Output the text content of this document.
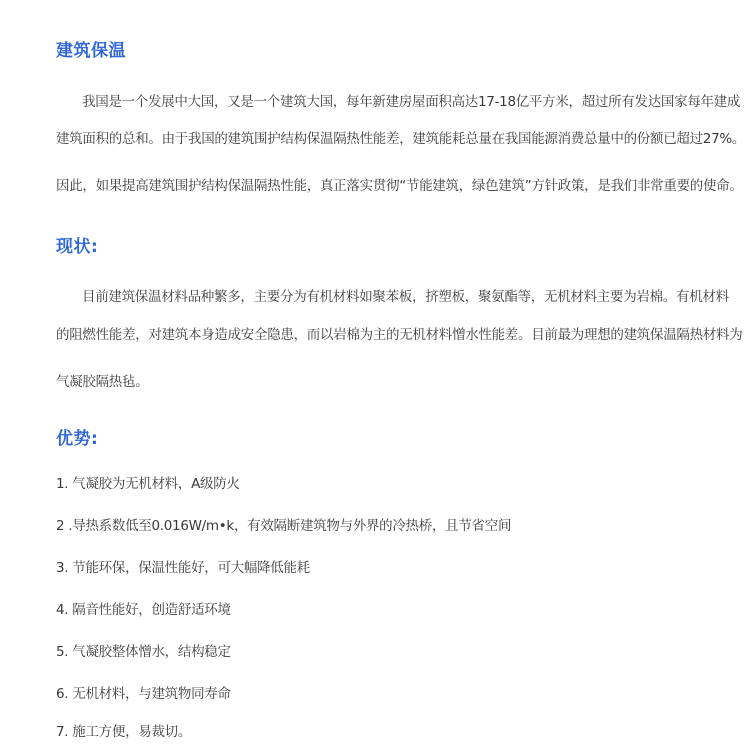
建筑保温
我国是一个发展中大国，又是一个建筑大国，每年新建房屋面积高达17-18亿平方米，超过所有发达国家每年建成
建筑面积的总和。由于我国的建筑围护结构保温隔热性能差，建筑能耗总量在我国能源消费总量中的份额已超过27%。
因此，如果提高建筑围护结构保温隔热性能，真正落实贯彻“节能建筑，绿色建筑”方针政策，是我们非常重要的使命。
现状:
目前建筑保温材料品种繁多，主要分为有机材料如聚苯板，挤塑板，聚氨酯等，无机材料主要为岩棉。有机材料
的阻燃性能差，对建筑本身造成安全隐患，而以岩棉为主的无机材料憎水性能差。目前最为理想的建筑保温隔热材料为
气凝胶隔热毡。
优势:
1. 气凝胶为无机材料，A级防火
2 .导热系数低至0.016W/m•k，有效隔断建筑物与外界的冷热桥，且节省空间
3. 节能环保，保温性能好，可大幅降低能耗
4. 隔音性能好，创造舒适环境
5. 气凝胶整体憎水，结构稳定
6. 无机材料，与建筑物同寿命
7. 施工方便，易裁切。
